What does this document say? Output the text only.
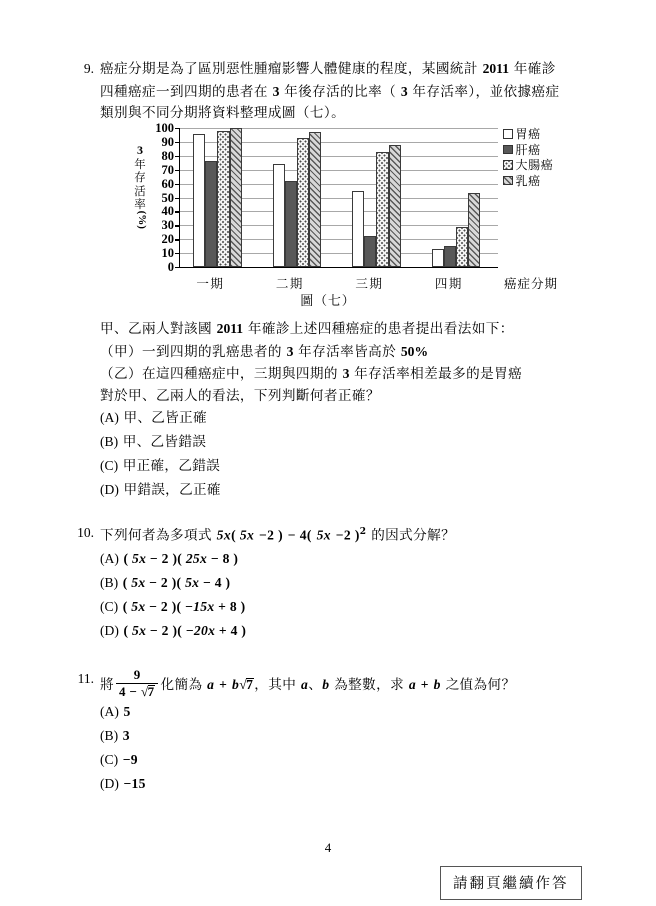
9. 癌症分期是為了區別惡性腫瘤影響人體健康的程度，某國統計 2011 年確診
四種癌症一到四期的患者在 3 年後存活的比率（ 3 年存活率），並依據癌症
類別與不同分期將資料整理成圖（七）。
3
年
存
活
率
(%)
100
90
80
70
60
50
40
30
20
10
0
胃癌
肝癌
大腸癌
乳癌
癌症分期
一期	二期	三期	四期
圖（七）
甲、乙兩人對該國 2011 年確診上述四種癌症的患者提出看法如下：
（甲）一到四期的乳癌患者的 3 年存活率皆高於 50%
（乙）在這四種癌症中，三期與四期的 3 年存活率相差最多的是胃癌
對於甲、乙兩人的看法，下列判斷何者正確？
(A) 甲、乙皆正確
(B) 甲、乙皆錯誤
(C) 甲正確，乙錯誤
(D) 甲錯誤，乙正確
10. 下列何者為多項式 5x( 5x −2 ) − 4( 5x −2 )$^2$ 的因式分解？
(A) ( 5x − 2 )( 25x − 8 )
(B) ( 5x − 2 )( 5x − 4 )
(C) ( 5x − 2 )( −15x + 8 )
(D) ( 5x − 2 )( −20x + 4 )
11. 將 $\frac{9}{4 - √7}$ 化簡為 a + b√7，其中 a、b 為整數，求 a + b 之值為何？
(A) 5
(B) 3
(C) −9
(D) −15
4
請翻頁繼續作答
